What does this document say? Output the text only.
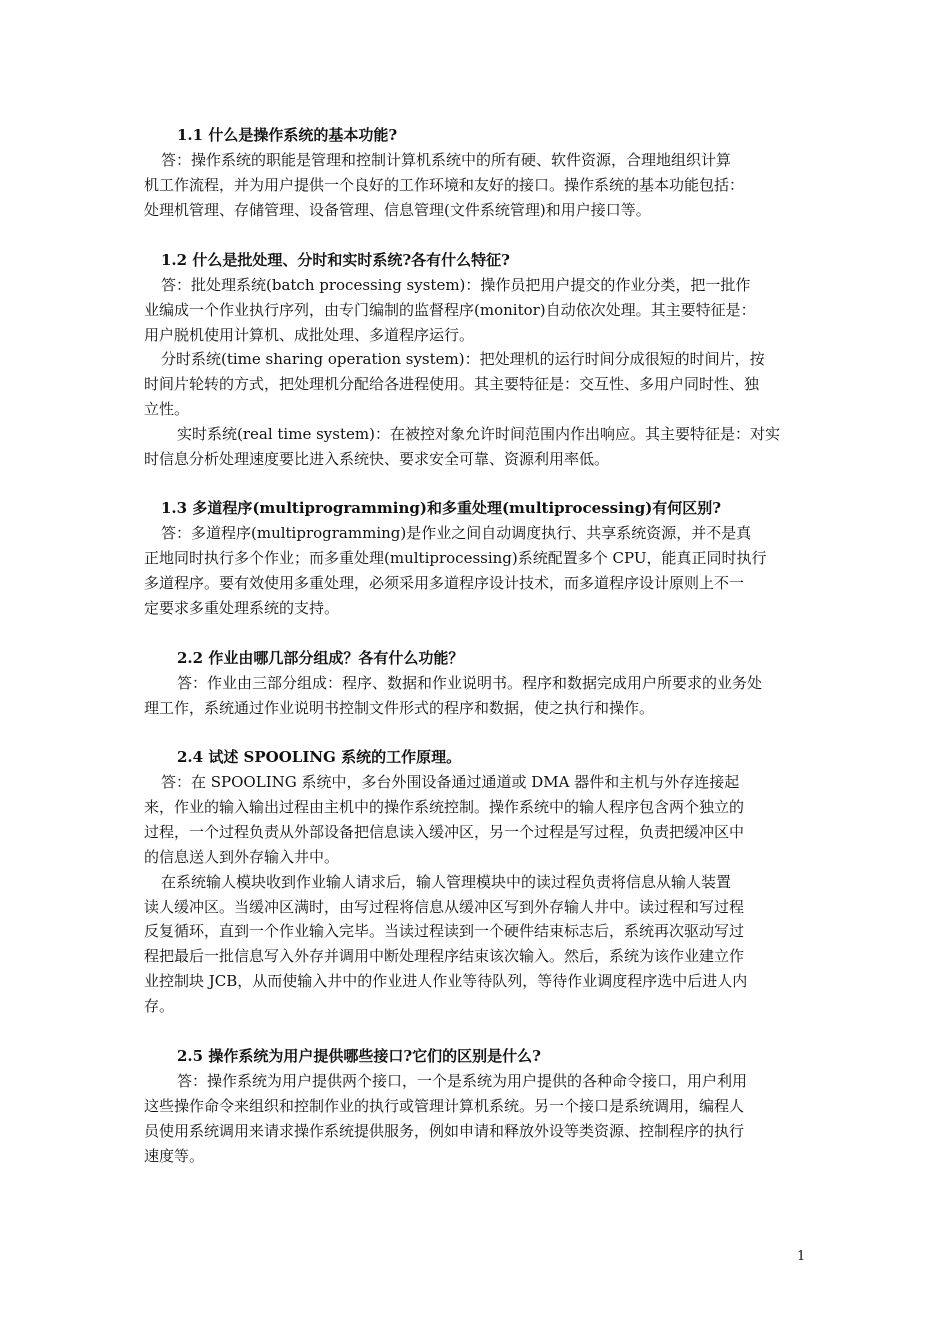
1.1 什么是操作系统的基本功能?
答：操作系统的职能是管理和控制计算机系统中的所有硬、软件资源，合理地组织计算
机工作流程，并为用户提供一个良好的工作环境和友好的接口。操作系统的基本功能包括：
处理机管理、存储管理、设备管理、信息管理(文件系统管理)和用户接口等。
1.2 什么是批处理、分时和实时系统?各有什么特征?
答：批处理系统(batch processing system)：操作员把用户提交的作业分类，把一批作
业编成一个作业执行序列，由专门编制的监督程序(monitor)自动依次处理。其主要特征是：
用户脱机使用计算机、成批处理、多道程序运行。
分时系统(time sharing operation system)：把处理机的运行时间分成很短的时间片，按
时间片轮转的方式，把处理机分配给各进程使用。其主要特征是：交互性、多用户同时性、独
立性。
实时系统(real time system)：在被控对象允许时间范围内作出响应。其主要特征是：对实
时信息分析处理速度要比进入系统快、要求安全可靠、资源利用率低。
1.3 多道程序(multiprogramming)和多重处理(multiprocessing)有何区别?
答：多道程序(multiprogramming)是作业之间自动调度执行、共享系统资源，并不是真
正地同时执行多个作业；而多重处理(multiprocessing)系统配置多个 CPU，能真正同时执行
多道程序。要有效使用多重处理，必须采用多道程序设计技术，而多道程序设计原则上不一
定要求多重处理系统的支持。
2.2 作业由哪几部分组成？各有什么功能？
答：作业由三部分组成：程序、数据和作业说明书。程序和数据完成用户所要求的业务处
理工作，系统通过作业说明书控制文件形式的程序和数据，使之执行和操作。
2.4 试述 SPOOLING 系统的工作原理。
答：在 SPOOLING 系统中，多台外围设备通过通道或 DMA 器件和主机与外存连接起
来，作业的输入输出过程由主机中的操作系统控制。操作系统中的输人程序包含两个独立的
过程，一个过程负责从外部设备把信息读入缓冲区，另一个过程是写过程，负责把缓冲区中
的信息送人到外存输入井中。
在系统输人模块收到作业输人请求后，输人管理模块中的读过程负责将信息从输人装置
读人缓冲区。当缓冲区满时，由写过程将信息从缓冲区写到外存输人井中。读过程和写过程
反复循环，直到一个作业输入完毕。当读过程读到一个硬件结束标志后，系统再次驱动写过
程把最后一批信息写入外存并调用中断处理程序结束该次输入。然后，系统为该作业建立作
业控制块 JCB，从而使输入井中的作业进人作业等待队列，等待作业调度程序选中后进人内
存。
2.5 操作系统为用户提供哪些接口?它们的区别是什么?
答：操作系统为用户提供两个接口，一个是系统为用户提供的各种命令接口，用户利用
这些操作命令来组织和控制作业的执行或管理计算机系统。另一个接口是系统调用，编程人
员使用系统调用来请求操作系统提供服务，例如申请和释放外设等类资源、控制程序的执行
速度等。
1
